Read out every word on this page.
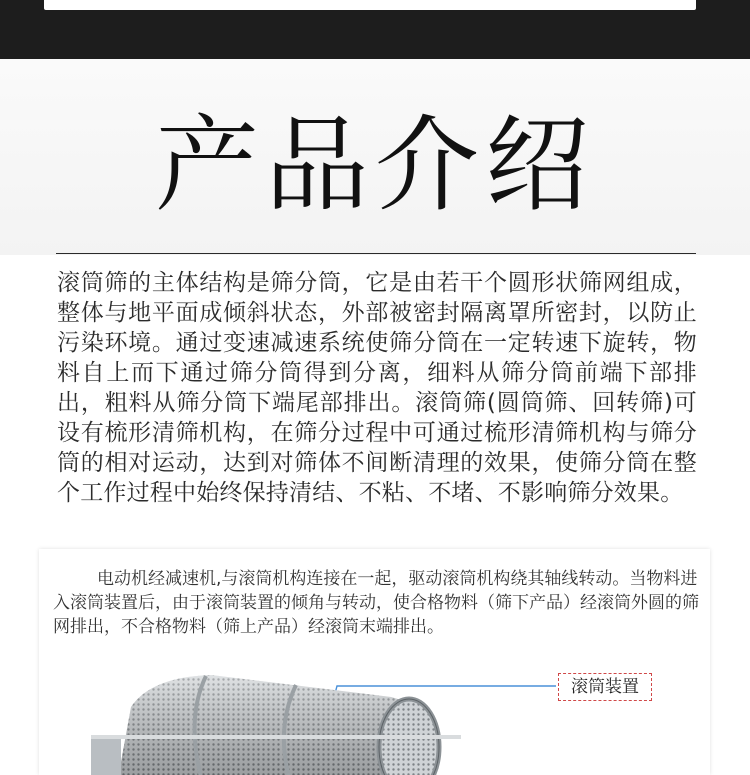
产品介绍
滚筒筛的主体结构是筛分筒，它是由若干个圆形状筛网组成，整体与地平面成倾斜状态，外部被密封隔离罩所密封，以防止污染环境。通过变速减速系统使筛分筒在一定转速下旋转，物料自上而下通过筛分筒得到分离，细料从筛分筒前端下部排出，粗料从筛分筒下端尾部排出。滚筒筛(圆筒筛、回转筛)可设有梳形清筛机构，在筛分过程中可通过梳形清筛机构与筛分筒的相对运动，达到对筛体不间断清理的效果，使筛分筒在整个工作过程中始终保持清结、不粘、不堵、不影响筛分效果。
电动机经减速机,与滚筒机构连接在一起，驱动滚筒机构绕其轴线转动。当物料进入滚筒装置后，由于滚筒装置的倾角与转动，使合格物料（筛下产品）经滚筒外圆的筛网排出，不合格物料（筛上产品）经滚筒末端排出。
滚筒装置
